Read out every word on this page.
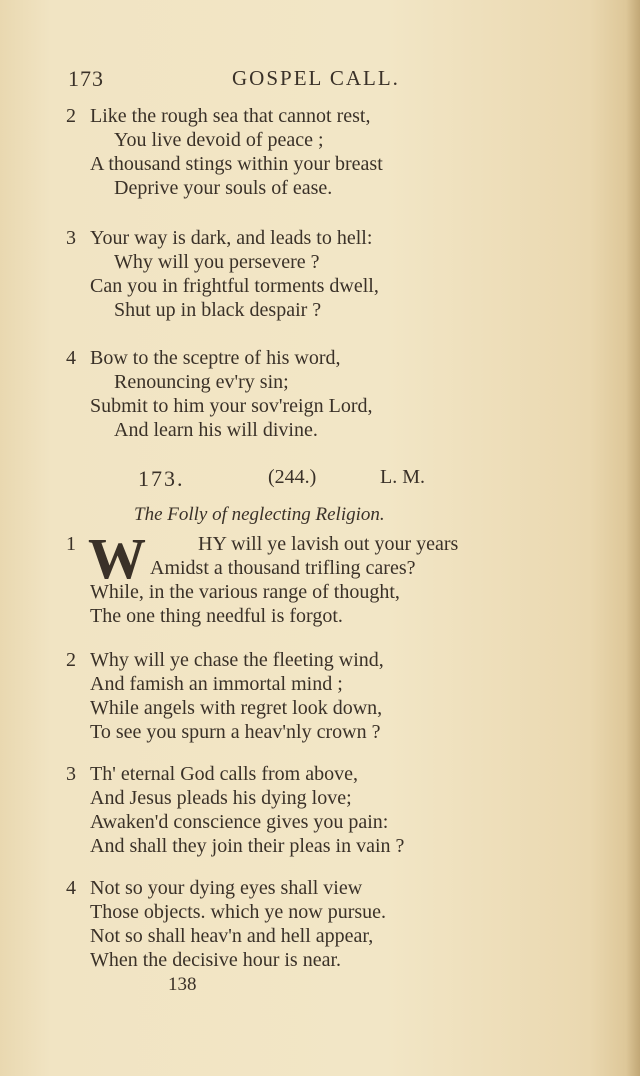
173	GOSPEL CALL.
2 Like the rough sea that cannot rest,
You live devoid of peace ;
A thousand stings within your breast
Deprive your souls of ease.
3 Your way is dark, and leads to hell:
Why will you persevere ?
Can you in frightful torments dwell,
Shut up in black despair ?
4 Bow to the sceptre of his word,
Renouncing ev'ry sin;
Submit to him your sov'reign Lord,
And learn his will divine.
173.	(244.)	L. M.
The Folly of neglecting Religion.
W
1	HY will ye lavish out your years
Amidst a thousand trifling cares?
While, in the various range of thought,
The one thing needful is forgot.
2 Why will ye chase the fleeting wind,
And famish an immortal mind ;
While angels with regret look down,
To see you spurn a heav'nly crown ?
3 Th' eternal God calls from above,
And Jesus pleads his dying love;
Awaken'd conscience gives you pain:
And shall they join their pleas in vain ?
4 Not so your dying eyes shall view
Those objects. which ye now pursue.
Not so shall heav'n and hell appear,
When the decisive hour is near.
138
